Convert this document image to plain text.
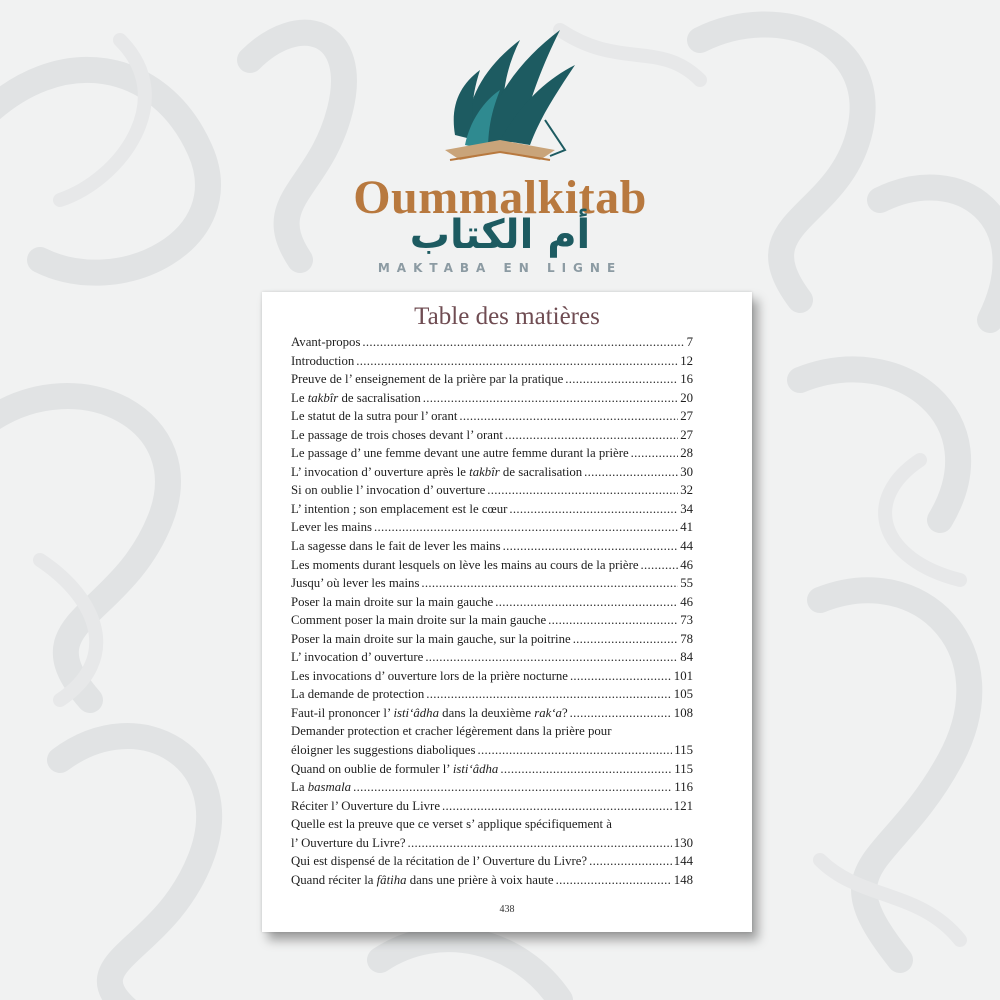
Oummalkitab
أم الكتاب
MAKTABA EN LIGNE
Table des matières
Avant-propos .....	7
Introduction .....	12
Preuve de l’ enseignement de la prière par la pratique .....	16
Le takbîr de sacralisation .....	20
Le statut de la sutra pour l’ orant .....	27
Le passage de trois choses devant l’ orant .....	27
Le passage d’ une femme devant une autre femme durant la prière .....	28
L’ invocation d’ ouverture après le takbîr de sacralisation .....	30
Si on oublie l’ invocation d’ ouverture .....	32
L’ intention ; son emplacement est le cœur .....	34
Lever les mains .....	41
La sagesse dans le fait de lever les mains .....	44
Les moments durant lesquels on lève les mains au cours de la prière .....	46
Jusqu’ où lever les mains .....	55
Poser la main droite sur la main gauche .....	46
Comment poser la main droite sur la main gauche .....	73
Poser la main droite sur la main gauche, sur la poitrine .....	78
L’ invocation d’ ouverture .....	84
Les invocations d’ ouverture lors de la prière nocturne .....	101
La demande de protection .....	105
Faut-il prononcer l’ isti‘âdha dans la deuxième rak‘a? .....	108
Demander protection et cracher légèrement dans la prière pour
éloigner les suggestions diaboliques .....	115
Quand on oublie de formuler l’ isti‘âdha .....	115
La basmala .....	116
Réciter l’ Ouverture du Livre .....	121
Quelle est la preuve que ce verset s’ applique spécifiquement à
l’ Ouverture du Livre? .....	130
Qui est dispensé de la récitation de l’ Ouverture du Livre? .....	144
Quand réciter la fâtiha dans une prière à voix haute .....	148
438
